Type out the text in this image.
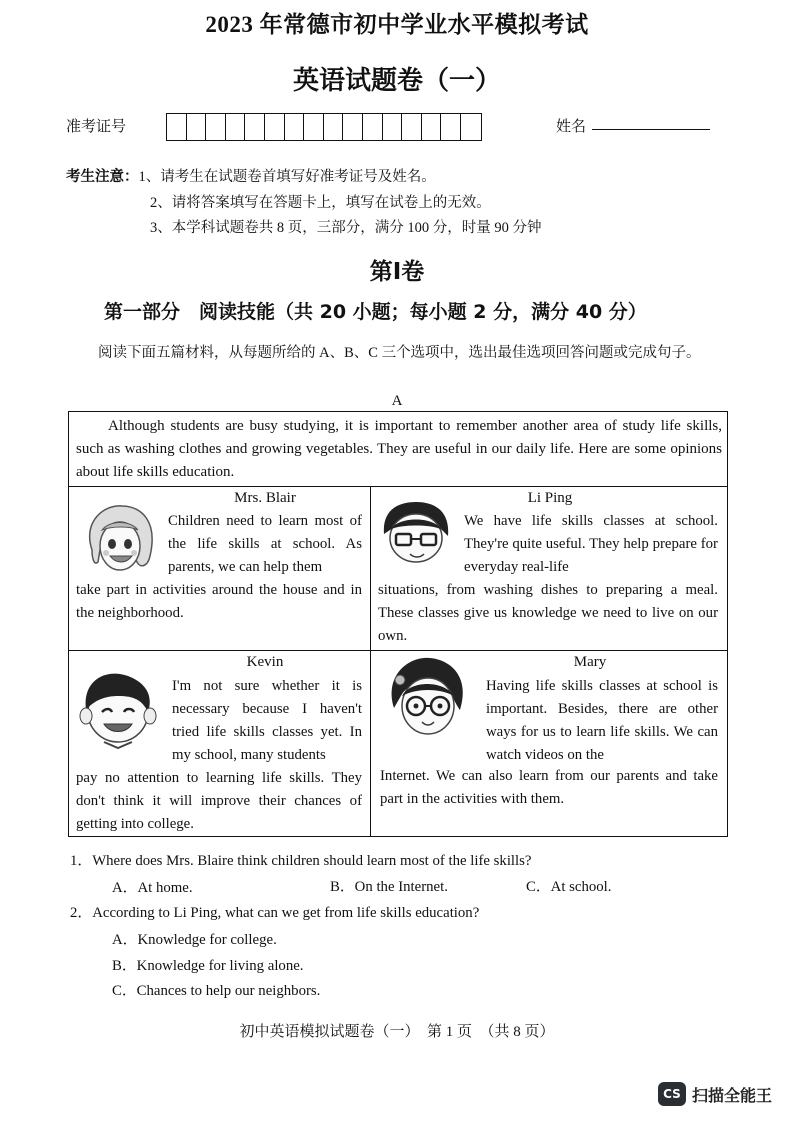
2023 年常德市初中学业水平模拟考试
英语试题卷（一）
准考证号	姓名
考生注意：1、请考生在试题卷首填写好准考证号及姓名。
2、请将答案填写在答题卡上，填写在试卷上的无效。
3、本学科试题卷共 8 页，三部分，满分 100 分，时量 90 分钟
第Ⅰ卷
第一部分　阅读技能（共 20 小题；每小题 2 分，满分 40 分）
阅读下面五篇材料，从每题所给的 A、B、C 三个选项中，选出最佳选项回答问题或完成句子。
A
Although students are busy studying, it is important to remember another area of study life skills, such as washing clothes and growing vegetables. They are useful in our daily life. Here are some opinions about life skills education.
Mrs. Blair
Children need to learn most of the life skills at school. As parents, we can help them
take part in activities around the house and in the neighborhood.
Li Ping
We have life skills classes at school. They're quite useful. They help prepare for everyday real-life
situations, from washing dishes to preparing a meal. These classes give us knowledge we need to live on our own.
Kevin
I'm not sure whether it is necessary because I haven't tried life skills classes yet. In my school, many students
pay no attention to learning life skills. They don't think it will improve their chances of getting into college.
Mary
Having life skills classes at school is important. Besides, there are other ways for us to learn life skills. We can watch videos on the
Internet. We can also learn from our parents and take part in the activities with them.
1．Where does Mrs. Blaire think children should learn most of the life skills?
A．At home.	B．On the Internet.	C．At school.
2．According to Li Ping, what can we get from life skills education?
A．Knowledge for college.
B．Knowledge for living alone.
C．Chances to help our neighbors.
初中英语模拟试题卷（一）　第 1 页　（共 8 页）
CS 扫描全能王
